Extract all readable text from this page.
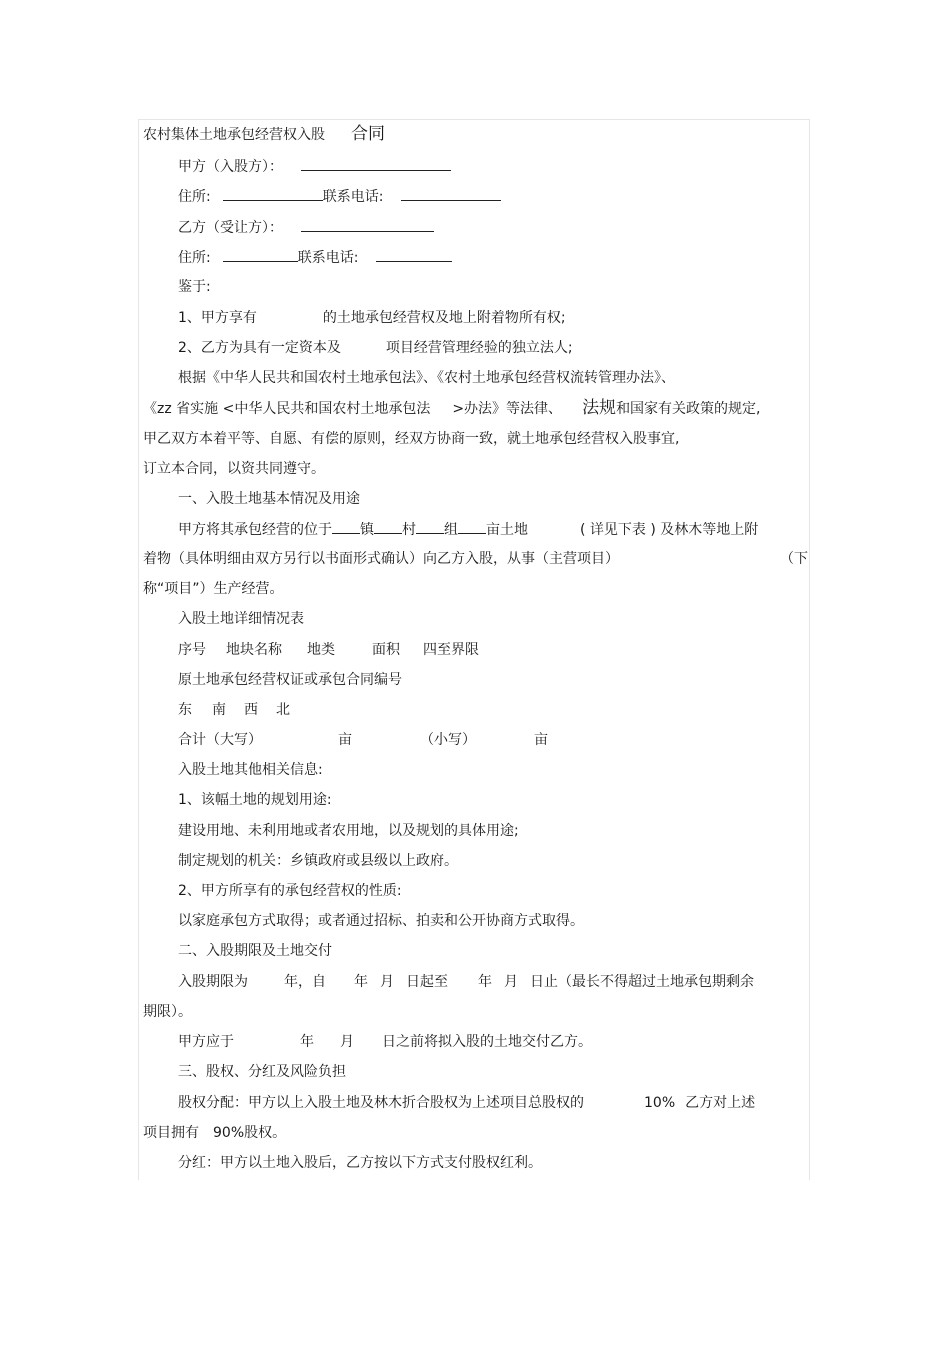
农村集体土地承包经营权入股 合同
甲方（入股方）：
住所:	联系电话:
乙方（受让方）：
住所:	联系电话:
鉴于:
1、甲方享有	的土地承包经营权及地上附着物所有权;
2、乙方为具有一定资本及	项目经营管理经验的独立法人;
根据《中华人民共和国农村土地承包法》、《农村土地承包经营权流转管理办法》、
《zz 省实施 <中华人民共和国农村土地承包法 >办法》等法律、 法规和国家有关政策的规定,
甲乙双方本着平等、自愿、有偿的原则，经双方协商一致，就土地承包经营权入股事宜,
订立本合同，以资共同遵守。
一、入股土地基本情况及用途
甲方将其承包经营的位于 镇 村 组 亩土地	( 详见下表 ) 及林木等地上附
着物（具体明细由双方另行以书面形式确认）向乙方入股，从事（主营项目）	（下
称“项目”）生产经营。
入股土地详细情况表
序号 地块名称 地类	面积 四至界限
原土地承包经营权证或承包合同编号
东 南 西 北
合计（大写）	亩	（小写）	亩
入股土地其他相关信息:
1、该幅土地的规划用途:
建设用地、未利用地或者农用地，以及规划的具体用途;
制定规划的机关：乡镇政府或县级以上政府。
2、甲方所享有的承包经营权的性质:
以家庭承包方式取得；或者通过招标、拍卖和公开协商方式取得。
二、入股期限及土地交付
入股期限为	年，自 年 月 日起至 年 月 日止（最长不得超过土地承包期剩余
期限）。
甲方应于	年 月 日之前将拟入股的土地交付乙方。
三、股权、分红及风险负担
股权分配：甲方以上入股土地及林木折合股权为上述项目总股权的	10% 乙方对上述
项目拥有 90%股权。
分红：甲方以土地入股后，乙方按以下方式支付股权红利。
